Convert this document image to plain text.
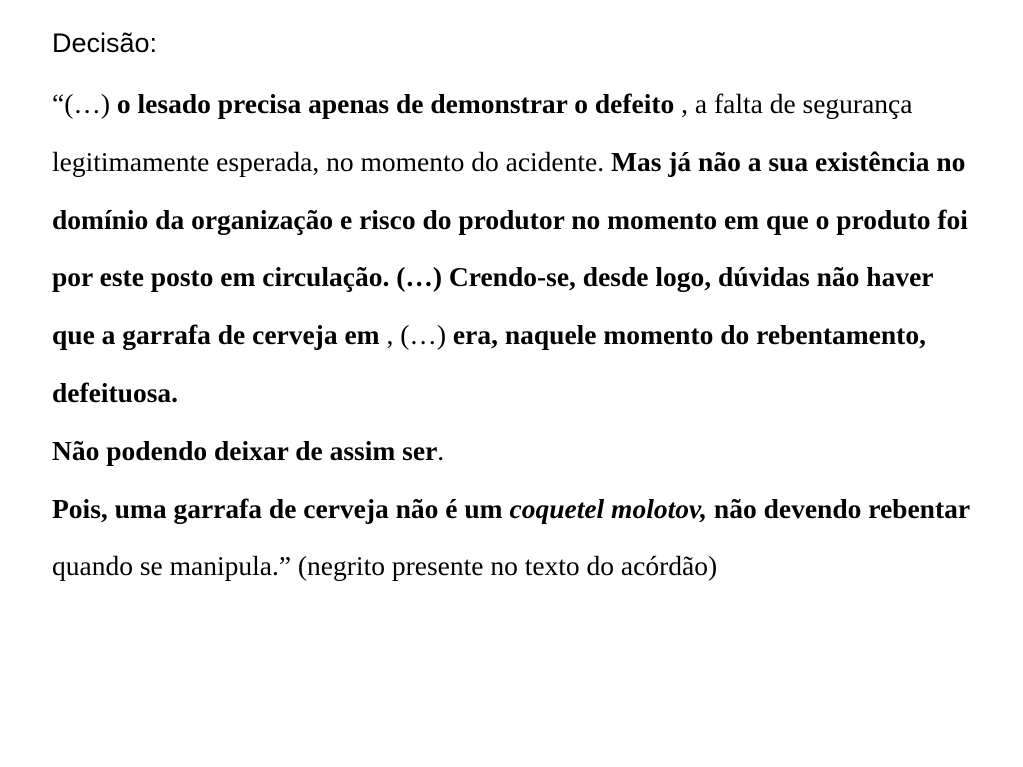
Decisão:

“(…) o lesado precisa apenas de demonstrar o defeito , a falta de segurança legitimamente esperada, no momento do acidente. Mas já não a sua existência no domínio da organização e risco do produtor no momento em que o produto foi por este posto em circulação. (…) Crendo-se, desde logo, dúvidas não haver que a garrafa de cerveja em , (…) era, naquele momento do rebentamento, defeituosa.

Não podendo deixar de assim ser.

Pois, uma garrafa de cerveja não é um coquetel molotov, não devendo rebentar quando se manipula.” (negrito presente no texto do acórdão)
